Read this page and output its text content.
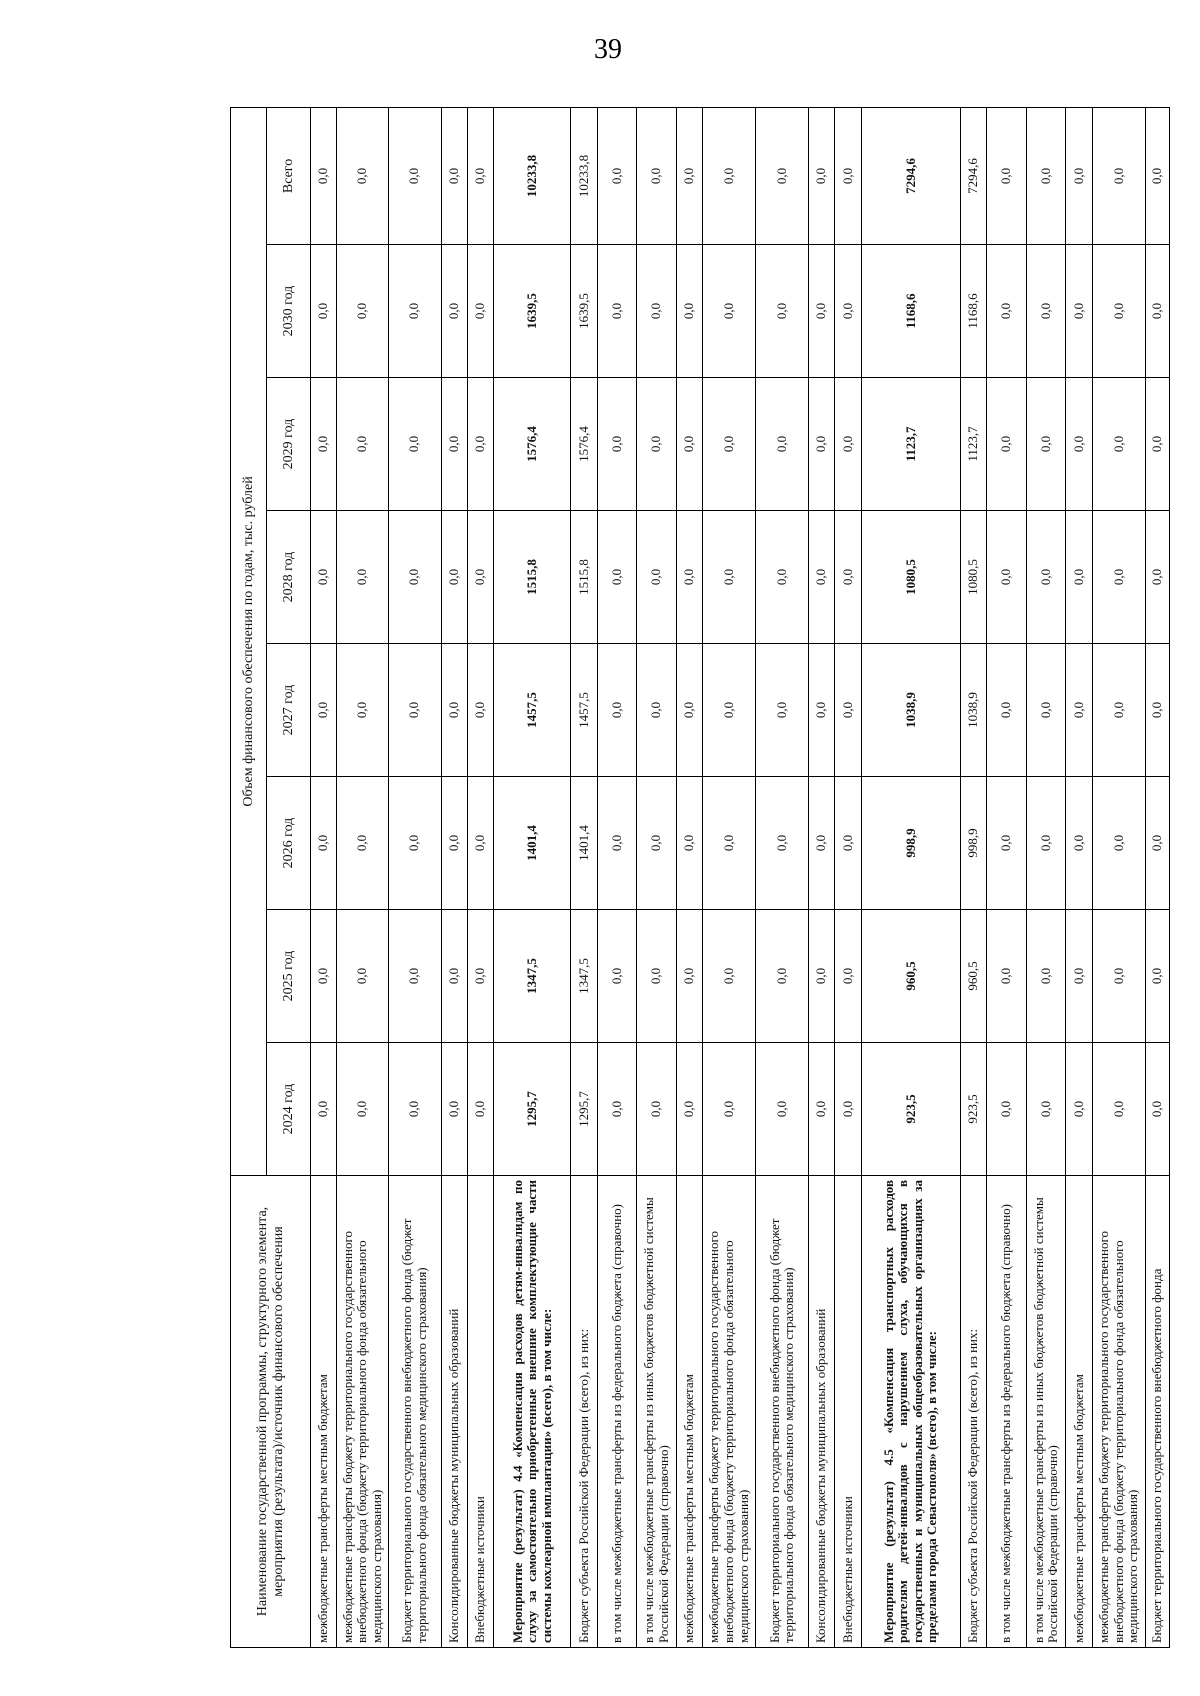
39
Наименование государственной программы, структурного элемента, мероприятия (результата)/источник финансового обеспечения	Объем финансового обеспечения по годам, тыс. рублей							
	2024 год	2025 год	2026 год	2027 год	2028 год	2029 год	2030 год	Всего
межбюджетные трансферты местным бюджетам	0,0	0,0	0,0	0,0	0,0	0,0	0,0	0,0
межбюджетные трансферты бюджету территориального государственного внебюджетного фонда (бюджету территориального фонда обязательного медицинского страхования)	0,0	0,0	0,0	0,0	0,0	0,0	0,0	0,0
Бюджет территориального государственного внебюджетного фонда (бюджет территориального фонда обязательного медицинского страхования)	0,0	0,0	0,0	0,0	0,0	0,0	0,0	0,0
Консолидированные бюджеты муниципальных образований	0,0	0,0	0,0	0,0	0,0	0,0	0,0	0,0
Внебюджетные источники	0,0	0,0	0,0	0,0	0,0	0,0	0,0	0,0
Мероприятие (результат) 4.4 «Компенсация расходов детям-инвалидам по слуху за самостоятельно приобретенные внешние комплектующие части системы кохлеарной имплантации» (всего), в том числе:	1295,7	1347,5	1401,4	1457,5	1515,8	1576,4	1639,5	10233,8
Бюджет субъекта Российской Федерации (всего), из них:	1295,7	1347,5	1401,4	1457,5	1515,8	1576,4	1639,5	10233,8
в том числе межбюджетные трансферты из федерального бюджета (справочно)	0,0	0,0	0,0	0,0	0,0	0,0	0,0	0,0
в том числе межбюджетные трансферты из иных бюджетов бюджетной системы Российской Федерации (справочно)	0,0	0,0	0,0	0,0	0,0	0,0	0,0	0,0
межбюджетные трансферты местным бюджетам	0,0	0,0	0,0	0,0	0,0	0,0	0,0	0,0
межбюджетные трансферты бюджету территориального государственного внебюджетного фонда (бюджету территориального фонда обязательного медицинского страхования)	0,0	0,0	0,0	0,0	0,0	0,0	0,0	0,0
Бюджет территориального государственного внебюджетного фонда (бюджет территориального фонда обязательного медицинского страхования)	0,0	0,0	0,0	0,0	0,0	0,0	0,0	0,0
Консолидированные бюджеты муниципальных образований	0,0	0,0	0,0	0,0	0,0	0,0	0,0	0,0
Внебюджетные источники	0,0	0,0	0,0	0,0	0,0	0,0	0,0	0,0
Мероприятие (результат) 4.5 «Компенсация транспортных расходов родителям детей-инвалидов с нарушением слуха, обучающихся в государственных и муниципальных общеобразовательных организациях за пределами города Севастополя» (всего), в том числе:	923,5	960,5	998,9	1038,9	1080,5	1123,7	1168,6	7294,6
Бюджет субъекта Российской Федерации (всего), из них:	923,5	960,5	998,9	1038,9	1080,5	1123,7	1168,6	7294,6
в том числе межбюджетные трансферты из федерального бюджета (справочно)	0,0	0,0	0,0	0,0	0,0	0,0	0,0	0,0
в том числе межбюджетные трансферты из иных бюджетов бюджетной системы Российской Федерации (справочно)	0,0	0,0	0,0	0,0	0,0	0,0	0,0	0,0
межбюджетные трансферты местным бюджетам	0,0	0,0	0,0	0,0	0,0	0,0	0,0	0,0
межбюджетные трансферты бюджету территориального государственного внебюджетного фонда (бюджету территориального фонда обязательного медицинского страхования)	0,0	0,0	0,0	0,0	0,0	0,0	0,0	0,0
Бюджет территориального государственного внебюджетного фонда	0,0	0,0	0,0	0,0	0,0	0,0	0,0	0,0
